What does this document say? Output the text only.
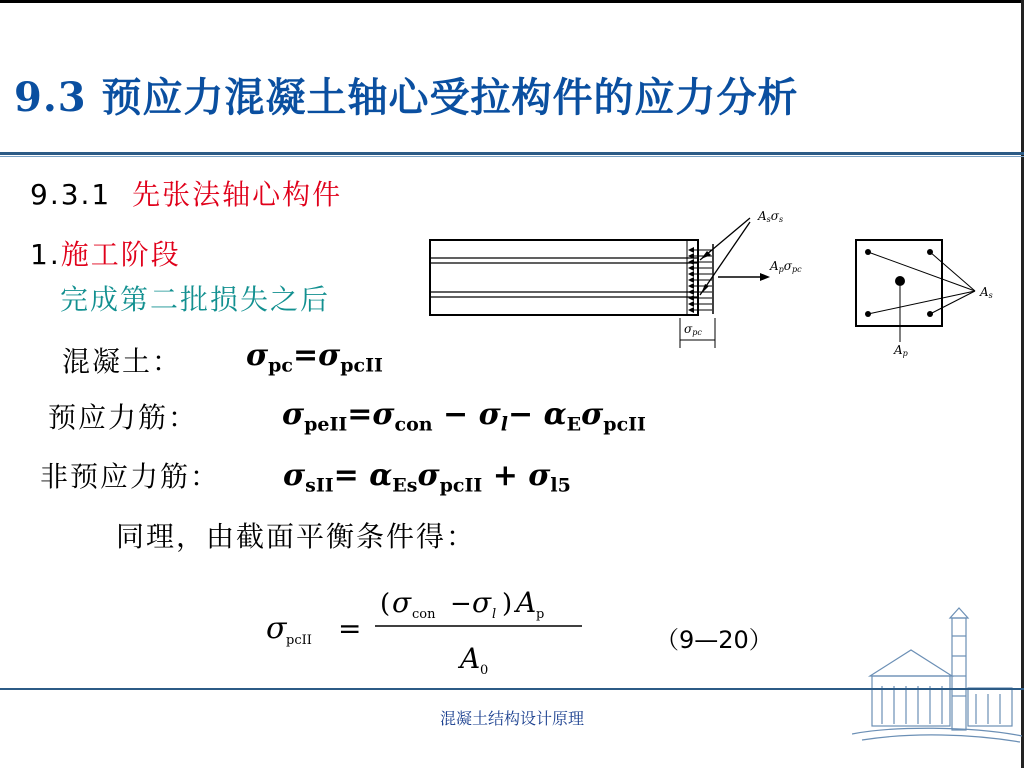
9.3 预应力混凝土轴心受拉构件的应力分析
9.3.1 先张法轴心构件
1.施工阶段
完成第二批损失之后
混凝土： $\sigma_{pc}=\sigma_{pcII}$
预应力筋：	$\sigma_{peII}=\sigma_{con} - \sigma_l- \alpha_E\sigma_{pcII}$
非预应力筋： $\sigma_{sII}= \alpha_{Es}\sigma_{pcII} + \sigma_{l5}$
同理，由截面平衡条件得：
σ pcII =
( σ con − σ l ) A p
A 0
（9—20）
Asσs
Apσpc
σpc
As
Ap
混凝土结构设计原理
